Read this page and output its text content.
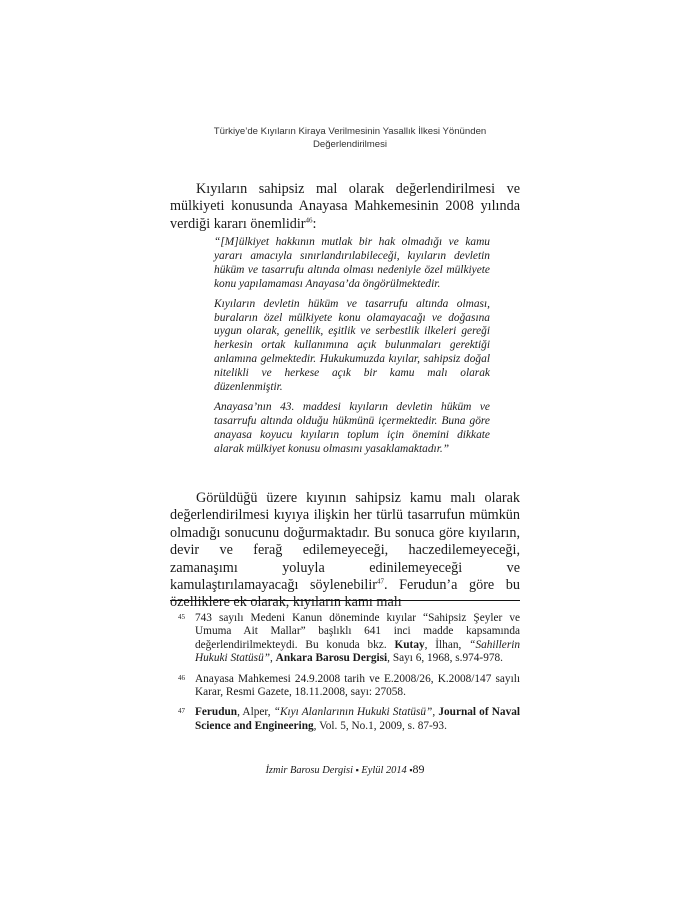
Türkiye’de Kıyıların Kiraya Verilmesinin Yasallık İlkesi Yönünden
Değerlendirilmesi

Kıyıların sahipsiz mal olarak değerlendirilmesi ve mülkiyeti konusunda Anayasa Mahkemesinin 2008 yılında verdiği kararı önemlidir$^{46}$:

“[M]ülkiyet hakkının mutlak bir hak olmadığı ve kamu yararı amacıyla sınırlandırılabileceği, kıyıların devletin hüküm ve tasarrufu altında olması nedeniyle özel mülkiyete konu yapılamaması Anayasa’da öngörülmektedir.

Kıyıların devletin hüküm ve tasarrufu altında olması, buraların özel mülkiyete konu olamayacağı ve doğasına uygun olarak, genellik, eşitlik ve serbestlik ilkeleri gereği herkesin ortak kullanımına açık bulunmaları gerektiği anlamına gelmektedir. Hukukumuzda kıyılar, sahipsiz doğal nitelikli ve herkese açık bir kamu malı olarak düzenlenmiştir.

Anayasa’nın 43. maddesi kıyıların devletin hüküm ve tasarrufu altında olduğu hükmünü içermektedir. Buna göre anayasa koyucu kıyıların toplum için önemini dikkate alarak mülkiyet konusu olmasını yasaklamaktadır.”

Görüldüğü üzere kıyının sahipsiz kamu malı olarak değerlendirilmesi kıyıya ilişkin her türlü tasarrufun mümkün olmadığı sonucunu doğurmaktadır. Bu sonuca göre kıyıların, devir ve ferağ edilemeyeceği, haczedilemeyeceği, zamanaşımı yoluyla edinilemeyeceği ve kamulaştırılamayacağı söylenebilir$^{47}$. Ferudun’a göre bu özelliklere ek olarak, kıyıların kamı malı

45 743 sayılı Medeni Kanun döneminde kıyılar “Sahipsiz Şeyler ve Umuma Ait Mallar” başlıklı 641 inci madde kapsamında değerlendirilmekteydi. Bu konuda bkz. Kutay, İlhan, “Sahillerin Hukuki Statüsü”, Ankara Barosu Dergisi, Sayı 6, 1968, s.974-978.

46 Anayasa Mahkemesi 24.9.2008 tarih ve E.2008/26, K.2008/147 sayılı Karar, Resmi Gazete, 18.11.2008, sayı: 27058.

47 Ferudun, Alper, “Kıyı Alanlarının Hukuki Statüsü”, Journal of Naval Science and Engineering, Vol. 5, No.1, 2009, s. 87-93.

İzmir Barosu Dergisi ▪ Eylül 2014 ▪89
